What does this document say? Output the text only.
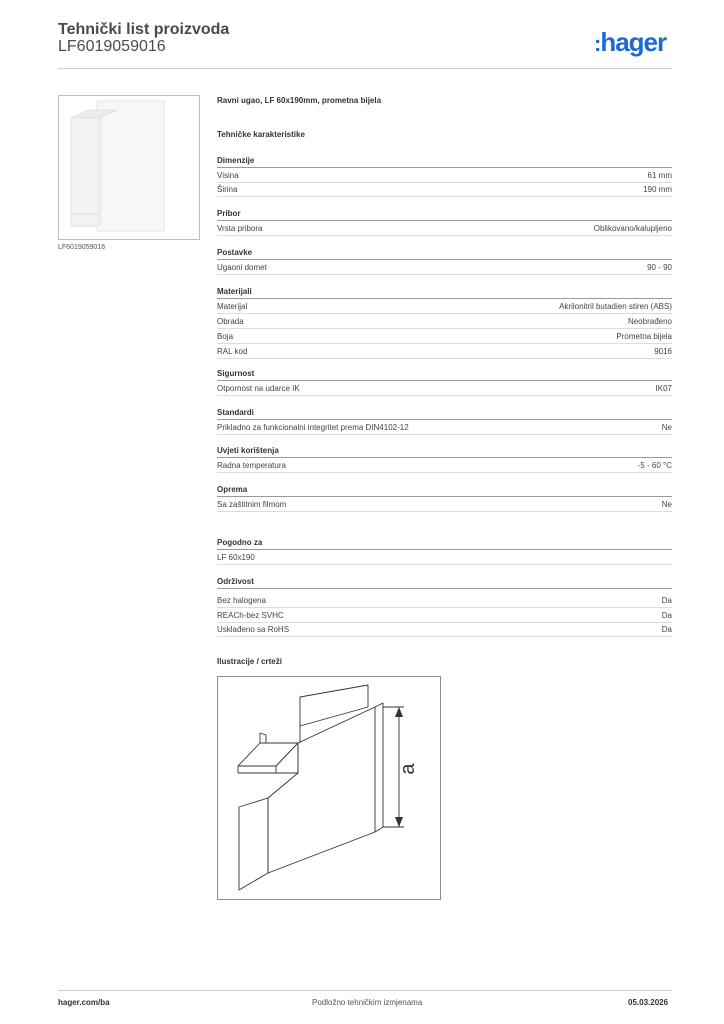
Tehnički list proizvoda
LF6019059016	:hager
LF6019059016
Ravni ugao, LF 60x190mm, prometna bijela
Tehničke karakteristike
Dimenzije
Visina	61 mm
Širina	190 mm
Pribor
Vrsta pribora	Oblikovano/kalupljeno
Postavke
Ugaoni domet	90 - 90
Materijali
Materijal	Akrilonitril butadien stiren (ABS)
Obrada	Neobrađeno
Boja	Prometna bijela
RAL kod	9016
Sigurnost
Otpornost na udarce IK	IK07
Standardi
Prikladno za funkcionalni integritet prema DIN4102-12	Ne
Uvjeti korištenja
Radna temperatura	-5 - 60 °C
Oprema
Sa zaštitnim filmom	Ne
Pogodno za
LF 60x190
Održivost
Bez halogena	Da
REACh-bez SVHC	Da
Usklađeno sa RoHS	Da
Ilustracije / crteži
a
hager.com/ba	Podložno tehničkim izmjenama	05.03.2026
